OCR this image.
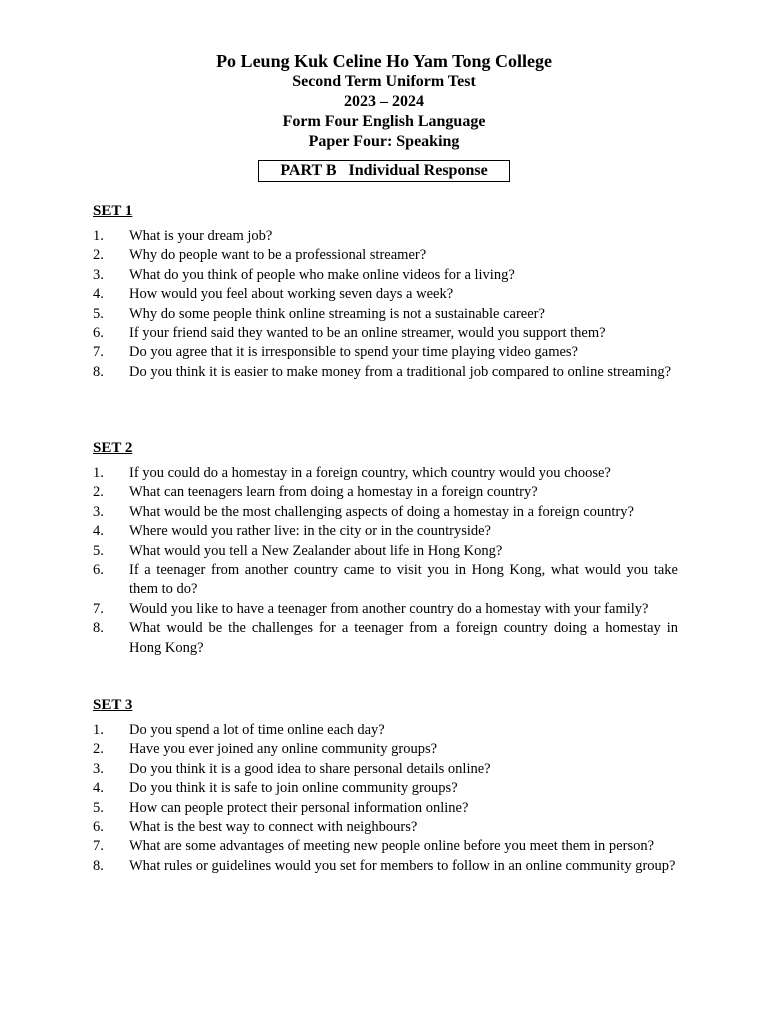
Po Leung Kuk Celine Ho Yam Tong College
Second Term Uniform Test
2023 – 2024
Form Four English Language
Paper Four: Speaking
PART B   Individual Response
SET 1
1.	What is your dream job?
2.	Why do people want to be a professional streamer?
3.	What do you think of people who make online videos for a living?
4.	How would you feel about working seven days a week?
5.	Why do some people think online streaming is not a sustainable career?
6.	If your friend said they wanted to be an online streamer, would you support them?
7.	Do you agree that it is irresponsible to spend your time playing video games?
8.	Do you think it is easier to make money from a traditional job compared to online streaming?
SET 2
1.	If you could do a homestay in a foreign country, which country would you choose?
2.	What can teenagers learn from doing a homestay in a foreign country?
3.	What would be the most challenging aspects of doing a homestay in a foreign country?
4.	Where would you rather live: in the city or in the countryside?
5.	What would you tell a New Zealander about life in Hong Kong?
6.	If a teenager from another country came to visit you in Hong Kong, what would you take them to do?
7.	Would you like to have a teenager from another country do a homestay with your family?
8.	What would be the challenges for a teenager from a foreign country doing a homestay in Hong Kong?
SET 3
1.	Do you spend a lot of time online each day?
2.	Have you ever joined any online community groups?
3.	Do you think it is a good idea to share personal details online?
4.	Do you think it is safe to join online community groups?
5.	How can people protect their personal information online?
6.	What is the best way to connect with neighbours?
7.	What are some advantages of meeting new people online before you meet them in person?
8.	What rules or guidelines would you set for members to follow in an online community group?
